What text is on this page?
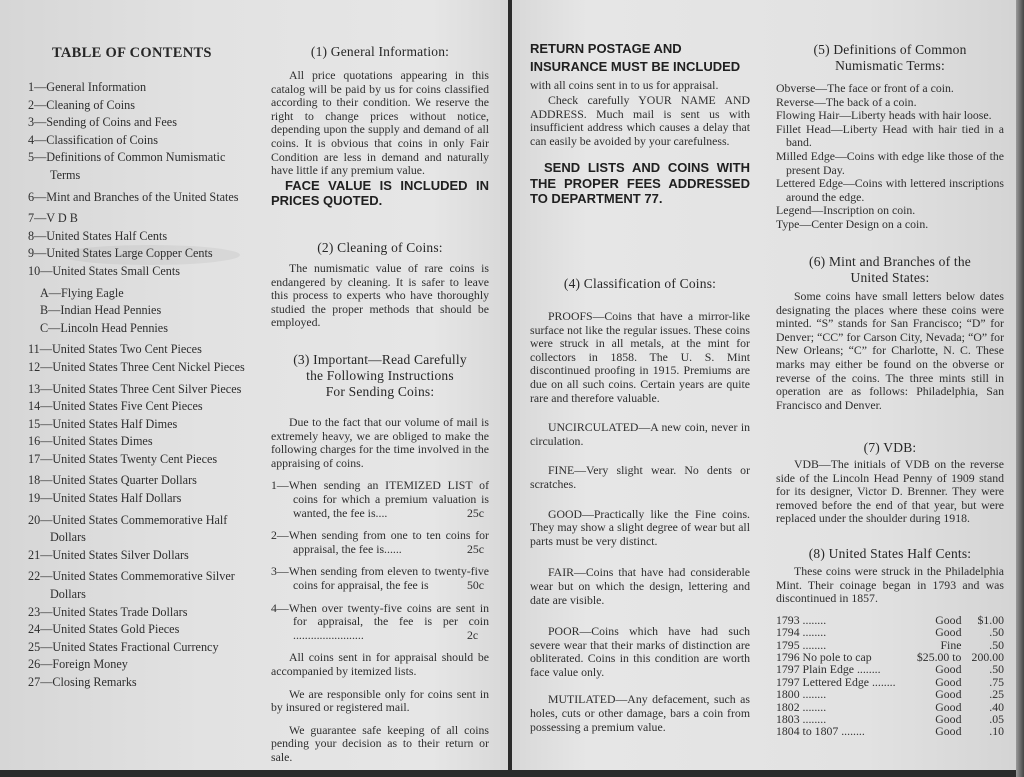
TABLE OF CONTENTS
1—General Information
2—Cleaning of Coins
3—Sending of Coins and Fees
4—Classification of Coins
5—Definitions of Common Numismatic Terms
6—Mint and Branches of the United States
7—V D B
8—United States Half Cents
9—United States Large Copper Cents
10—United States Small Cents
A—Flying Eagle
B—Indian Head Pennies
C—Lincoln Head Pennies
11—United States Two Cent Pieces
12—United States Three Cent Nickel Pieces
13—United States Three Cent Silver Pieces
14—United States Five Cent Pieces
15—United States Half Dimes
16—United States Dimes
17—United States Twenty Cent Pieces
18—United States Quarter Dollars
19—United States Half Dollars
20—United States Commemorative Half Dollars
21—United States Silver Dollars
22—United States Commemorative Silver Dollars
23—United States Trade Dollars
24—United States Gold Pieces
25—United States Fractional Currency
26—Foreign Money
27—Closing Remarks
(1) General Information:

All price quotations appearing in this catalog will be paid by us for coins classified according to their condition. We reserve the right to change prices without notice, depending upon the supply and demand of all coins. It is obvious that coins in only Fair Condition are less in demand and naturally have little if any premium value.

FACE VALUE IS INCLUDED IN PRICES QUOTED.
(2) Cleaning of Coins:

The numismatic value of rare coins is endangered by cleaning. It is safer to leave this process to experts who have thoroughly studied the proper methods that should be employed.

(3) Important—Read Carefully
the Following Instructions
For Sending Coins:

Due to the fact that our volume of mail is extremely heavy, we are obliged to make the following charges for the time involved in the appraising of coins.

1—When sending an ITEMIZED LIST of coins for which a premium valuation is wanted, the fee is....	25c
2—When sending from one to ten coins for appraisal, the fee is......	25c
3—When sending from eleven to twenty-five coins for appraisal, the fee is	50c
4—When over twenty-five coins are sent in for appraisal, the fee is per coin ........................	2c

All coins sent in for appraisal should be accompanied by itemized lists.

We are responsible only for coins sent in by insured or registered mail.

We guarantee safe keeping of all coins pending your decision as to their return or sale.

RETURN POSTAGE AND INSURANCE MUST BE INCLUDED with all coins sent in to us for appraisal.

Check carefully YOUR NAME AND ADDRESS. Much mail is sent us with insufficient address which causes a delay that can easily be avoided by your carefulness.

SEND LISTS AND COINS WITH THE PROPER FEES ADDRESSED TO DEPARTMENT 77.
(4) Classification of Coins:

PROOFS—Coins that have a mirror-like surface not like the regular issues. These coins were struck in all metals, at the mint for collectors in 1858. The U. S. Mint discontinued proofing in 1915. Premiums are due on all such coins. Certain years are quite rare and therefore valuable.

UNCIRCULATED—A new coin, never in circulation.

FINE—Very slight wear. No dents or scratches.

GOOD—Practically like the Fine coins. They may show a slight degree of wear but all parts must be very distinct.

FAIR—Coins that have had considerable wear but on which the design, lettering and date are visible.

POOR—Coins which have had such severe wear that their marks of distinction are obliterated. Coins in this condition are worth face value only.

MUTILATED—Any defacement, such as holes, cuts or other damage, bars a coin from possessing a premium value.

(5) Definitions of Common
Numismatic Terms:
Obverse—The face or front of a coin.
Reverse—The back of a coin.
Flowing Hair—Liberty heads with hair loose.
Fillet Head—Liberty Head with hair tied in a band.
Milled Edge—Coins with edge like those of the present Day.
Lettered Edge—Coins with lettered inscriptions around the edge.
Legend—Inscription on coin.
Type—Center Design on a coin.
(6) Mint and Branches of the
United States:

Some coins have small letters below dates designating the places where these coins were minted. “S” stands for San Francisco; “D” for Denver; “CC” for Carson City, Nevada; “O” for New Orleans; “C” for Charlotte, N. C. These marks may either be found on the obverse or reverse of the coins. The three mints still in operation are as follows: Philadelphia, San Francisco and Denver.

(7) VDB:

VDB—The initials of VDB on the reverse side of the Lincoln Head Penny of 1909 stand for its designer, Victor D. Brenner. They were removed before the end of that year, but were replaced under the shoulder during 1918.

(8) United States Half Cents:

These coins were struck in the Philadelphia Mint. Their coinage began in 1793 and was discontinued in 1857.

1793 ........	Good	$1.00
1794 ........	Good	.50
1795 ........	Fine	.50
1796 No pole to cap	$25.00 to	200.00
1797 Plain Edge ........	Good	.50
1797 Lettered Edge ........	Good	.75
1800 ........	Good	.25
1802 ........	Good	.40
1803 ........	Good	.05
1804 to 1807 ........	Good	.10
